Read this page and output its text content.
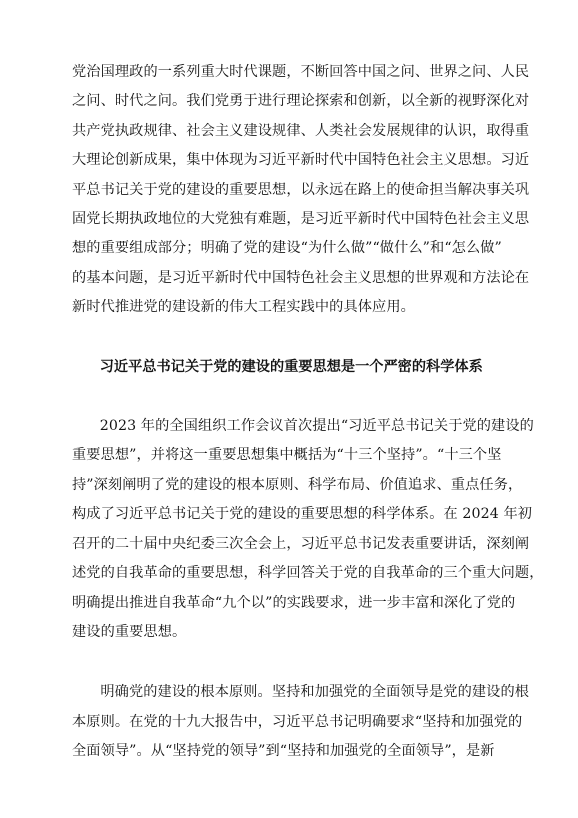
党治国理政的一系列重大时代课题，不断回答中国之问、世界之问、人民
之问、时代之问。我们党勇于进行理论探索和创新，以全新的视野深化对
共产党执政规律、社会主义建设规律、人类社会发展规律的认识，取得重
大理论创新成果，集中体现为习近平新时代中国特色社会主义思想。习近
平总书记关于党的建设的重要思想，以永远在路上的使命担当解决事关巩
固党长期执政地位的大党独有难题，是习近平新时代中国特色社会主义思
想的重要组成部分；明确了党的建设“为什么做”“做什么”和“怎么做”
的基本问题，是习近平新时代中国特色社会主义思想的世界观和方法论在
新时代推进党的建设新的伟大工程实践中的具体应用。

习近平总书记关于党的建设的重要思想是一个严密的科学体系

2023 年的全国组织工作会议首次提出“习近平总书记关于党的建设的
重要思想”，并将这一重要思想集中概括为“十三个坚持”。“十三个坚
持”深刻阐明了党的建设的根本原则、科学布局、价值追求、重点任务，
构成了习近平总书记关于党的建设的重要思想的科学体系。在 2024 年初
召开的二十届中央纪委三次全会上，习近平总书记发表重要讲话，深刻阐
述党的自我革命的重要思想，科学回答关于党的自我革命的三个重大问题，
明确提出推进自我革命“九个以”的实践要求，进一步丰富和深化了党的
建设的重要思想。

明确党的建设的根本原则。坚持和加强党的全面领导是党的建设的根
本原则。在党的十九大报告中，习近平总书记明确要求“坚持和加强党的
全面领导”。从“坚持党的领导”到“坚持和加强党的全面领导”，是新
